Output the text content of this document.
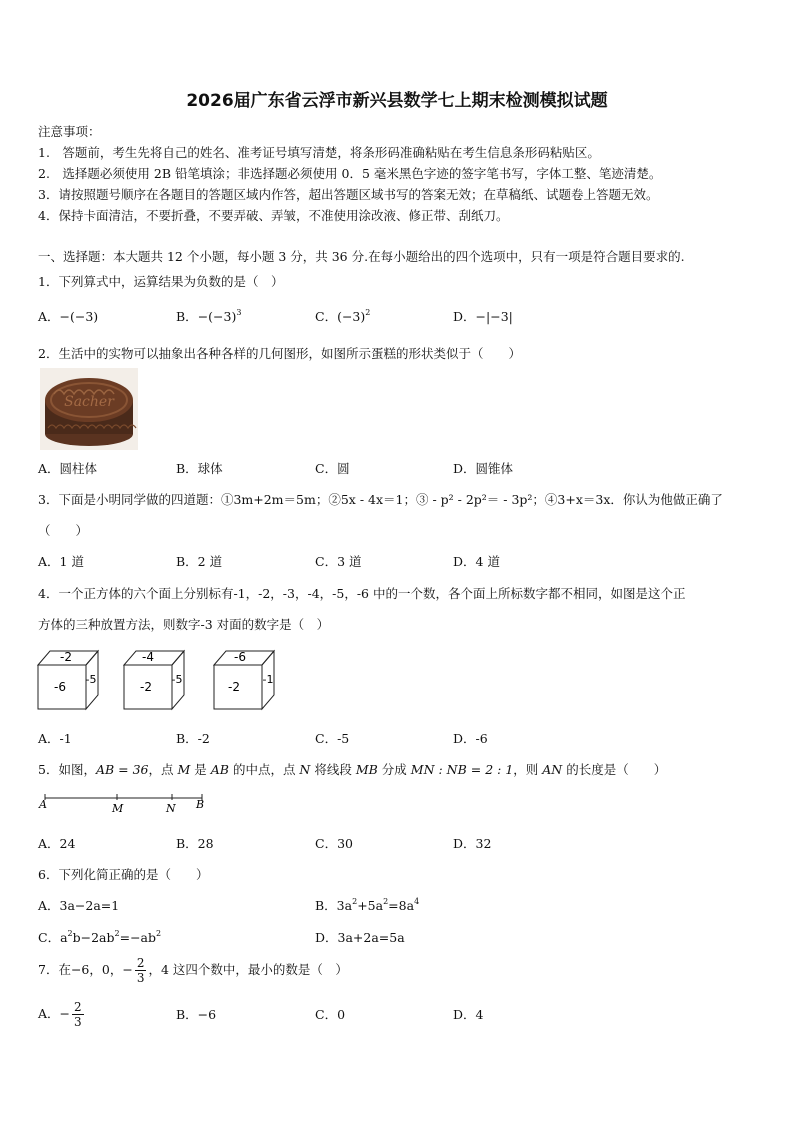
2026届广东省云浮市新兴县数学七上期末检测模拟试题
注意事项：
1.　答题前，考生先将自己的姓名、准考证号填写清楚，将条形码准确粘贴在考生信息条形码粘贴区。
2.　选择题必须使用 2B 铅笔填涂；非选择题必须使用 0．5 毫米黑色字迹的签字笔书写，字体工整、笔迹清楚。
3．请按照题号顺序在各题目的答题区域内作答，超出答题区域书写的答案无效；在草稿纸、试题卷上答题无效。
4．保持卡面清洁，不要折叠，不要弄破、弄皱，不准使用涂改液、修正带、刮纸刀。
一、选择题：本大题共 12 个小题，每小题 3 分，共 36 分.在每小题给出的四个选项中，只有一项是符合题目要求的.
1．下列算式中，运算结果为负数的是（　）
A．−(−3)	B．$-(-3)^3$	C．$(-3)^2$	D．−|−3|
2．生活中的实物可以抽象出各种各样的几何图形，如图所示蛋糕的形状类似于（　　）
Sacher
A．圆柱体	B．球体	C．圆	D．圆锥体
3．下面是小明同学做的四道题：①3m+2m＝5m；②5x - 4x＝1；③ - p² - 2p²＝ - 3p²；④3+x＝3x．你认为他做正确了
（　　）
A．1 道	B．2 道	C．3 道	D．4 道
4．一个正方体的六个面上分别标有-1，-2，-3，-4，-5，-6 中的一个数，各个面上所标数字都不相同，如图是这个正
方体的三种放置方法，则数字-3 对面的数字是（　）
-2
-6
-5
-4
-2
-5
-6
-2
-1
A．-1	B．-2	C．-5	D．-6
5．如图，AB = 36，点 M 是 AB 的中点，点 N 将线段 MB 分成 MN : NB = 2 : 1，则 AN 的长度是（　　）
A	M	N B
A．24	B．28	C．30	D．32
6．下列化简正确的是（　　）
A．3a−2a=1	B．$3a^2+5a^2=8a^4$
C．$a^2b-2ab^2=-ab^2$	D．3a+2a=5a
7．在−6，0，− $\frac{2}{3}$ ，4 这四个数中，最小的数是（　）
A．− $\frac{2}{3}$	B．−6	C．0	D．4
